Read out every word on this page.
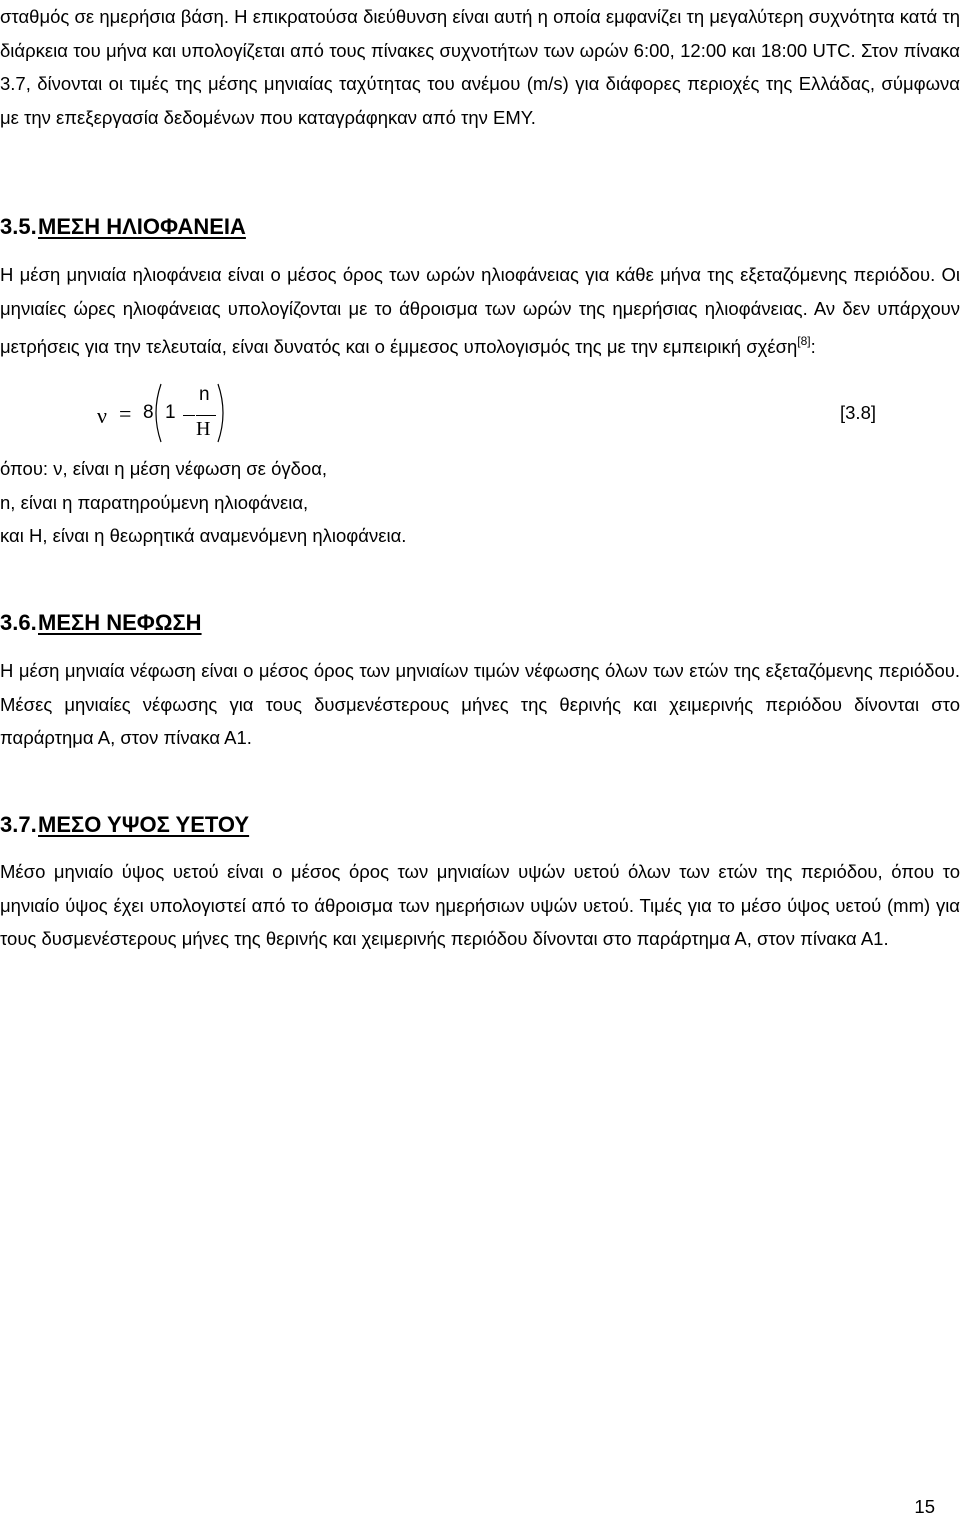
σταθμός σε ημερήσια βάση. Η επικρατούσα διεύθυνση είναι αυτή η οποία εμφανίζει τη μεγαλύτερη συχνότητα κατά τη διάρκεια του μήνα και υπολογίζεται από τους πίνακες συχνοτήτων των ωρών 6:00, 12:00 και 18:00 UTC. Στον πίνακα 3.7, δίνονται οι τιμές της μέσης μηνιαίας ταχύτητας του ανέμου (m/s) για διάφορες περιοχές της Ελλάδας, σύμφωνα με την επεξεργασία δεδομένων που καταγράφηκαν από την ΕΜΥ.

3.5.ΜΕΣΗ ΗΛΙΟΦΑΝΕΙΑ

Η μέση μηνιαία ηλιοφάνεια είναι ο μέσος όρος των ωρών ηλιοφάνειας για κάθε μήνα της εξεταζόμενης περιόδου. Οι μηνιαίες ώρες ηλιοφάνειας υπολογίζονται με το άθροισμα των ωρών της ημερήσιας ηλιοφάνειας. Αν δεν υπάρχουν μετρήσεις για την τελευταία, είναι δυνατός και ο έμμεσος υπολογισμός της με την εμπειρική σχέση[8]:

ν = 8 1
n
Η
[3.8]

όπου: ν, είναι η μέση νέφωση σε όγδοα,

n, είναι η παρατηρούμενη ηλιοφάνεια,

και Η, είναι η θεωρητικά αναμενόμενη ηλιοφάνεια.

3.6.ΜΕΣΗ ΝΕΦΩΣΗ

Η μέση μηνιαία νέφωση είναι ο μέσος όρος των μηνιαίων τιμών νέφωσης όλων των ετών της εξεταζόμενης περιόδου. Μέσες μηνιαίες νέφωσης για τους δυσμενέστερους μήνες της θερινής και χειμερινής περιόδου δίνονται στο παράρτημα Α, στον πίνακα Α1.

3.7.ΜΕΣΟ ΥΨΟΣ ΥΕΤΟΥ

Μέσο μηνιαίο ύψος υετού είναι ο μέσος όρος των μηνιαίων υψών υετού όλων των ετών της περιόδου, όπου το μηνιαίο ύψος έχει υπολογιστεί από το άθροισμα των ημερήσιων υψών υετού. Τιμές για το μέσο ύψος υετού (mm) για τους δυσμενέστερους μήνες της θερινής και χειμερινής περιόδου δίνονται στο παράρτημα Α, στον πίνακα Α1.

15
